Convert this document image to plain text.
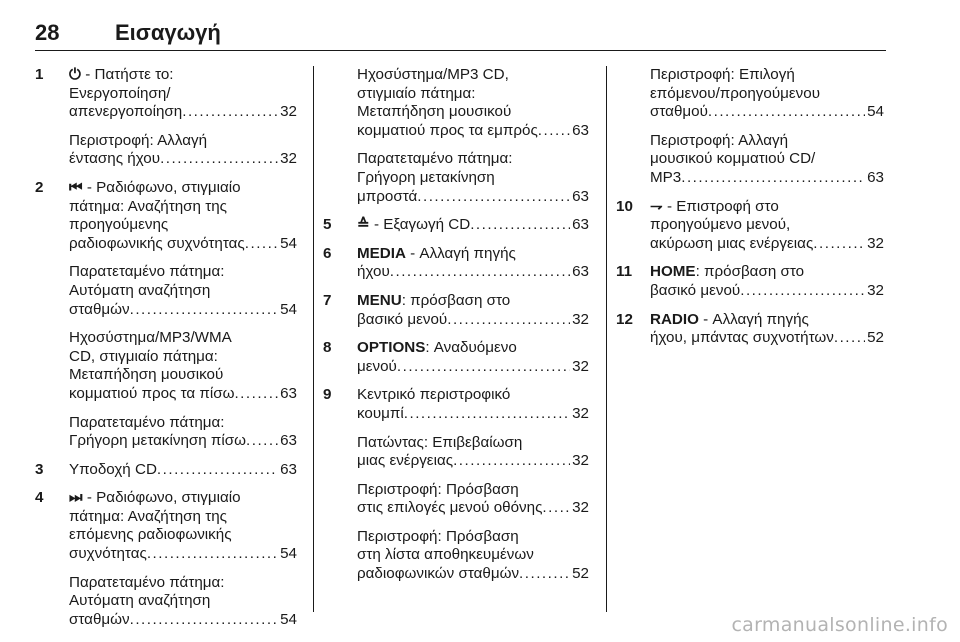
28	Εισαγωγή
1	⏻ - Πατήστε το:
Ενεργοποίηση/
απενεργοποίηση .....	32
Περιστροφή: Αλλαγή
έντασης ήχου .....	32
2	⏮ - Ραδιόφωνο, στιγμιαίο
πάτημα: Αναζήτηση της
προηγούμενης
ραδιοφωνικής συχνότητας ..... 54
Παρατεταμένο πάτημα:
Αυτόματη αναζήτηση
σταθμών .....	54
Ηχοσύστημα/MP3/WMA
CD, στιγμιαίο πάτημα:
Μεταπήδηση μουσικού
κομματιού προς τα πίσω .....	63
Παρατεταμένο πάτημα:
Γρήγορη μετακίνηση πίσω ..... 63
3	Υποδοχή CD .....	63
4	⏭ - Ραδιόφωνο, στιγμιαίο
πάτημα: Αναζήτηση της
επόμενης ραδιοφωνικής
συχνότητας .....	54
Παρατεταμένο πάτημα:
Αυτόματη αναζήτηση
σταθμών .....	54
Ηχοσύστημα/MP3 CD,
στιγμιαίο πάτημα:
Μεταπήδηση μουσικού
κομματιού προς τα εμπρός ..... 63
Παρατεταμένο πάτημα:
Γρήγορη μετακίνηση
μπροστά .....	63
5	≙ - Εξαγωγή CD .....	63
6	MEDIA - Αλλαγή πηγής
ήχου .....	63
7	MENU: πρόσβαση στο
βασικό μενού .....	32
8	OPTIONS: Αναδυόμενο
μενού .....	32
9	Κεντρικό περιστροφικό
κουμπί .....	32
Πατώντας: Επιβεβαίωση
μιας ενέργειας .....	32
Περιστροφή: Πρόσβαση
στις επιλογές μενού οθόνης ..... 32
Περιστροφή: Πρόσβαση
στη λίστα αποθηκευμένων
ραδιοφωνικών σταθμών .....	52
Περιστροφή: Επιλογή
επόμενου/προηγούμενου
σταθμού .....	54
Περιστροφή: Αλλαγή
μουσικού κομματιού CD/
MP3 .....	63
10	⇁ - Επιστροφή στο
προηγούμενο μενού,
ακύρωση μιας ενέργειας .....	32
11	HOME: πρόσβαση στο
βασικό μενού .....	32
12	RADIO - Αλλαγή πηγής
ήχου, μπάντας συχνοτήτων ..... 52
carmanualsonline.info
